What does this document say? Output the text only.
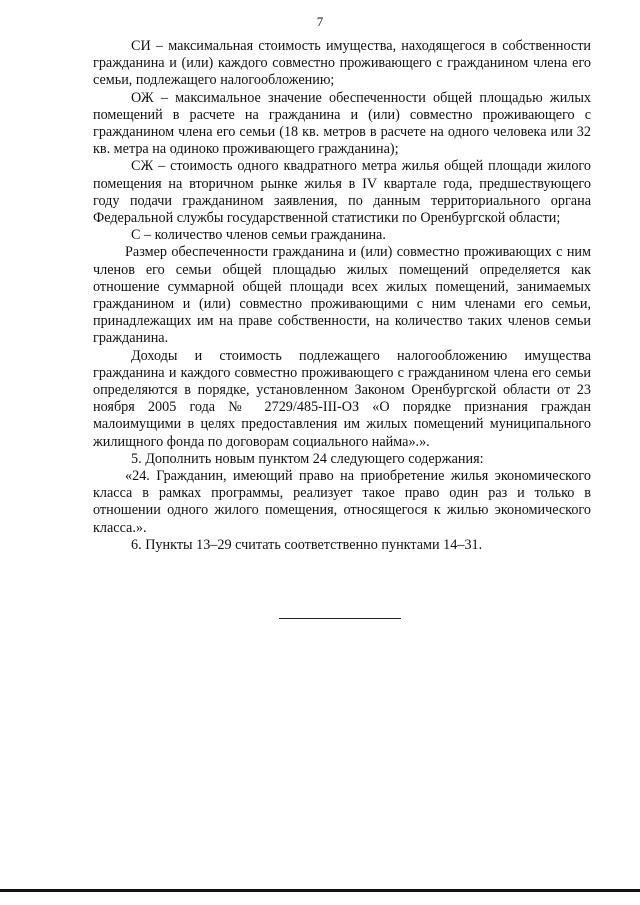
7

СИ – максимальная стоимость имущества, находящегося в собственности гражданина и (или) каждого совместно проживающего с гражданином члена его семьи, подлежащего налогообложению;

ОЖ – максимальное значение обеспеченности общей площадью жилых помещений в расчете на гражданина и (или) совместно проживающего с гражданином члена его семьи (18 кв. метров в расчете на одного человека или 32 кв. метра на одиноко проживающего гражданина);

СЖ – стоимость одного квадратного метра жилья общей площади жилого помещения на вторичном рынке жилья в IV квартале года, предшествующего году подачи гражданином заявления, по данным территориального органа Федеральной службы государственной статистики по Оренбургской области;

С – количество членов семьи гражданина.

Размер обеспеченности гражданина и (или) совместно проживающих с ним членов его семьи общей площадью жилых помещений определяется как отношение суммарной общей площади всех жилых помещений, занимаемых гражданином и (или) совместно проживающими с ним членами его семьи, принадлежащих им на праве собственности, на количество таких членов семьи гражданина.

Доходы и стоимость подлежащего налогообложению имущества гражданина и каждого совместно проживающего с гражданином члена его семьи определяются в порядке, установленном Законом Оренбургской области от 23 ноября 2005 года № 2729/485-III-ОЗ «О порядке признания граждан малоимущими в целях предоставления им жилых помещений муниципального жилищного фонда по договорам социального найма».».

5. Дополнить новым пунктом 24 следующего содержания:

«24. Гражданин, имеющий право на приобретение жилья экономического класса в рамках программы, реализует такое право один раз и только в отношении одного жилого помещения, относящегося к жилью экономического класса.».

6. Пункты 13–29 считать соответственно пунктами 14–31.
